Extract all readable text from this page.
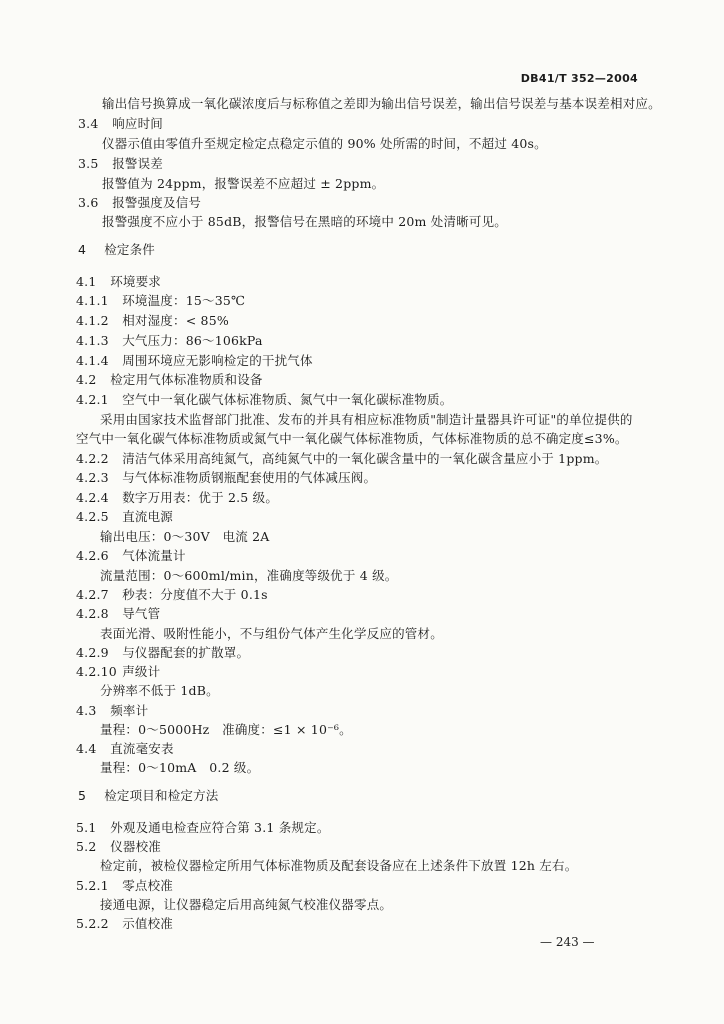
DB41/T 352—2004
输出信号换算成一氧化碳浓度后与标称值之差即为输出信号误差，输出信号误差与基本误差相对应。
3.4 响应时间
仪器示值由零值升至规定检定点稳定示值的 90% 处所需的时间，不超过 40s。
3.5 报警误差
报警值为 24ppm，报警误差不应超过 ± 2ppm。
3.6 报警强度及信号
报警强度不应小于 85dB，报警信号在黑暗的环境中 20m 处清晰可见。
4 检定条件
4.1 环境要求
4.1.1 环境温度：15～35℃
4.1.2 相对湿度：< 85%
4.1.3 大气压力：86～106kPa
4.1.4 周围环境应无影响检定的干扰气体
4.2 检定用气体标准物质和设备
4.2.1 空气中一氧化碳气体标准物质、氮气中一氧化碳标准物质。
采用由国家技术监督部门批准、发布的并具有相应标准物质"制造计量器具许可证"的单位提供的
空气中一氧化碳气体标准物质或氮气中一氧化碳气体标准物质，气体标准物质的总不确定度≤3%。
4.2.2 清洁气体采用高纯氮气，高纯氮气中的一氧化碳含量中的一氧化碳含量应小于 1ppm。
4.2.3 与气体标准物质钢瓶配套使用的气体减压阀。
4.2.4 数字万用表：优于 2.5 级。
4.2.5 直流电源
输出电压：0～30V　电流 2A
4.2.6 气体流量计
流量范围：0～600ml/min，准确度等级优于 4 级。
4.2.7 秒表：分度值不大于 0.1s
4.2.8 导气管
表面光滑、吸附性能小，不与组份气体产生化学反应的管材。
4.2.9 与仪器配套的扩散罩。
4.2.10 声级计
分辨率不低于 1dB。
4.3 频率计
量程：0～5000Hz　准确度：≤1 × 10⁻⁶。
4.4 直流毫安表
量程：0～10mA　0.2 级。
5 检定项目和检定方法
5.1 外观及通电检查应符合第 3.1 条规定。
5.2 仪器校准
检定前，被检仪器检定所用气体标准物质及配套设备应在上述条件下放置 12h 左右。
5.2.1 零点校准
接通电源，让仪器稳定后用高纯氮气校准仪器零点。
5.2.2 示值校准
— 243 —
